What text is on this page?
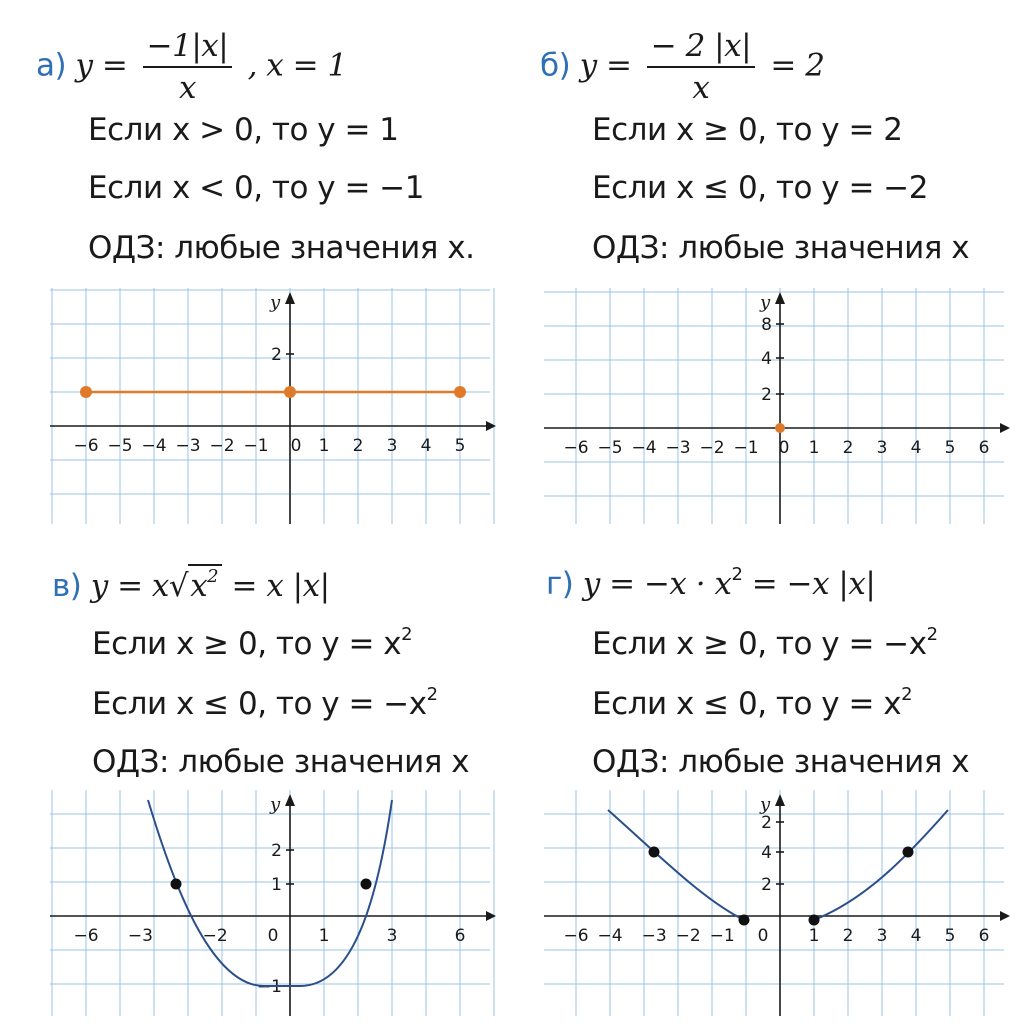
а) $y = \frac{-1|x|}{x}$ , x = 1
Если x > 0, то y = 1
Если x < 0, то y = −1
ОДЗ: любые значения x.
б) $y = \frac{- 2 |x|}{x} = 2$
Если x ≥ 0, то y = 2
Если x ≤ 0, то y = −2
ОДЗ: любые значения x
в) $y = x√x^2 = x$ |x|
Если x ≥ 0, то $y = x^2$
Если x ≤ 0, то $y = -x^2$
ОДЗ: любые значения x
г) $y = -x \cdot x^2 = -x$ |x|
Если x ≥ 0, то $y = -x^2$
Если x ≤ 0, то $y = x^2$
ОДЗ: любые значения x
y
−6 −5 −4 −3 −2 −1 0 1 2 3 4 5
2
y
−6 −5 −4 −3 −2 −1 0 1 2 3 4 5 6
8
4
2
y
−6 −3	−2 0 1	3	6
2
1
−1
y
−6 −4 −3 −2 −1 0 1 2 3 4 5 6
2
4
2
